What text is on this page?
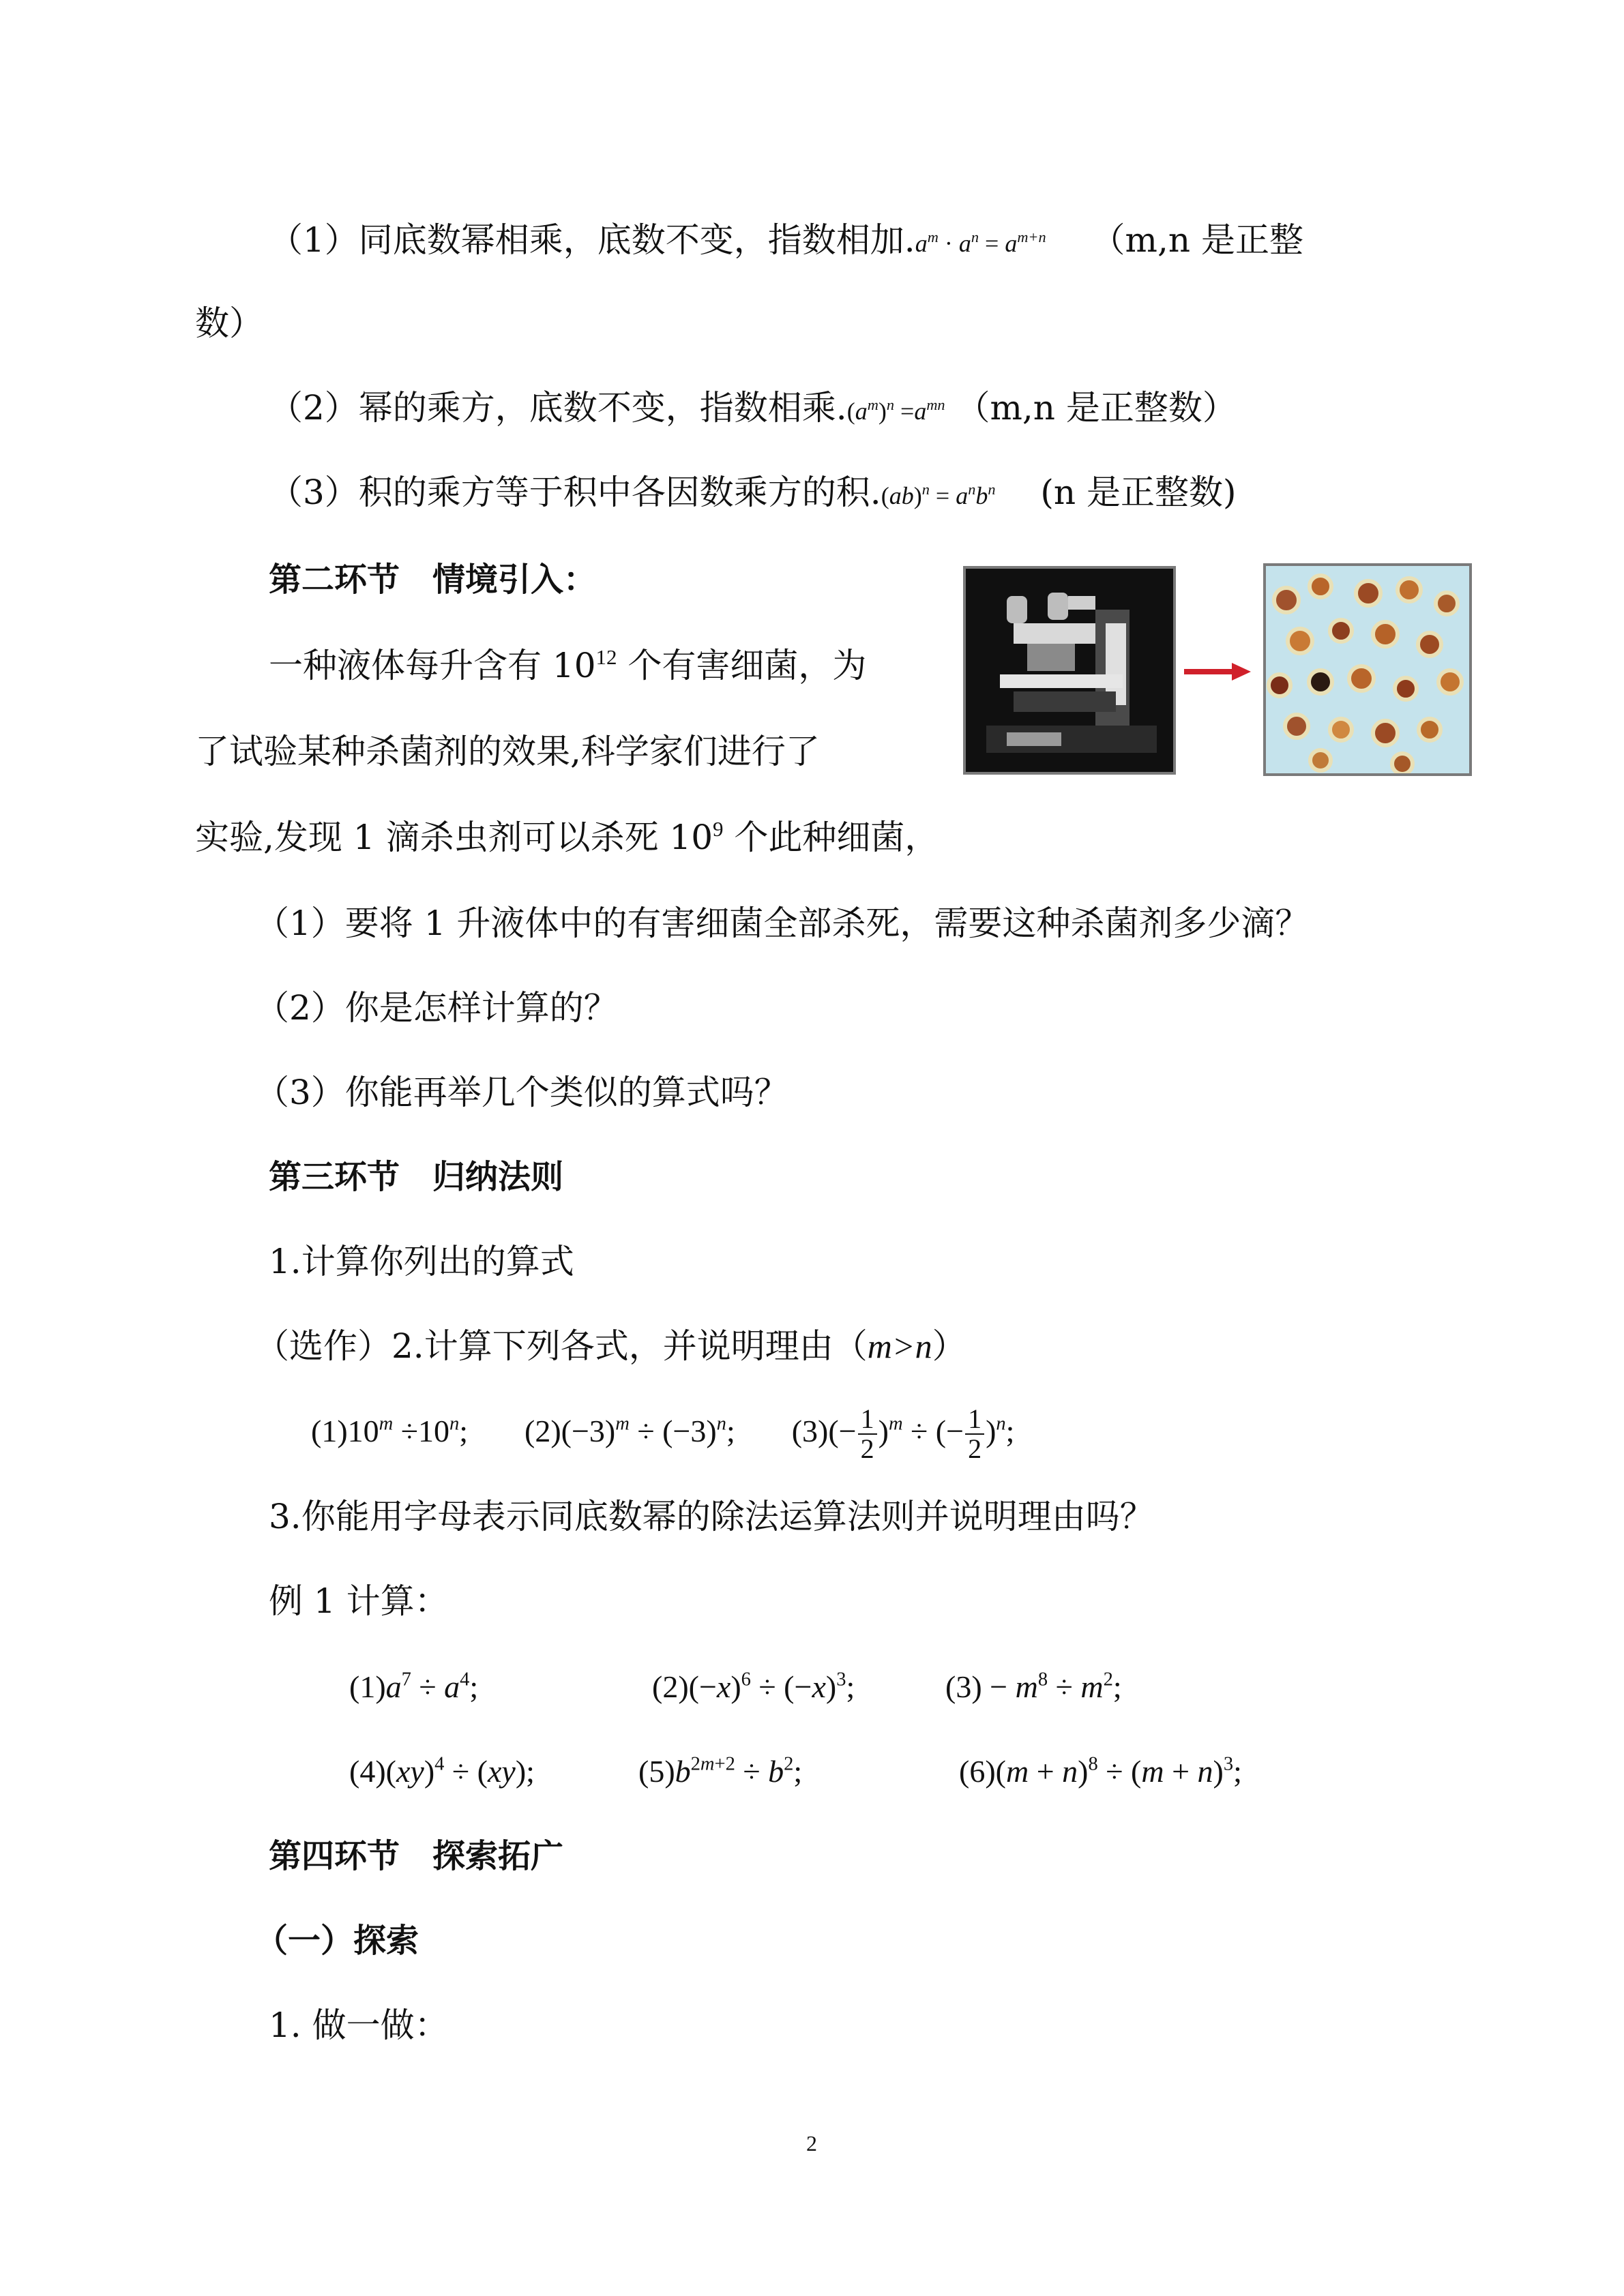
（1）同底数幂相乘，底数不变，指数相加$.a^m \cdot a^n = a^{m+n}$ （m,n 是正整
数）
（2）幂的乘方，底数不变，指数相乘$.(a^m)^n =a^{mn}$ （m,n 是正整数）
（3）积的乘方等于积中各因数乘方的积$.(ab)^n = a^nb^n$ (n 是正整数)
第二环节　情境引入：
一种液体每升含有 $10^{12}$ 个有害细菌，为
了试验某种杀菌剂的效果,科学家们进行了
实验,发现 1 滴杀虫剂可以杀死 $10^9$ 个此种细菌，
（1）要将 1 升液体中的有害细菌全部杀死，需要这种杀菌剂多少滴？
（2）你是怎样计算的？
（3）你能再举几个类似的算式吗？
第三环节　归纳法则
1.计算你列出的算式
（选作）2.计算下列各式，并说明理由（m>n）
$(1)10^m \div 10^n$; $(2)(-3)^m \div (-3)^n$; $(3)(- \frac{1}{2} )^m$ ÷ (− $\frac{1}{2} )^n$;
3.你能用字母表示同底数幂的除法运算法则并说明理由吗？
例 1 计算：
$(1)a^7 \div a^4$;	$(2)(-x)^6 \div (-x)^3$;	$(3) - m^8 \div m^2$;
(4)(xy)$^4$ ÷ (xy);	$(5)b^{2m+2} \div b^2$;	$(6)(m + n)^8 \div (m + n)^3$;
第四环节　探索拓广
（一）探索
1. 做一做：
2
